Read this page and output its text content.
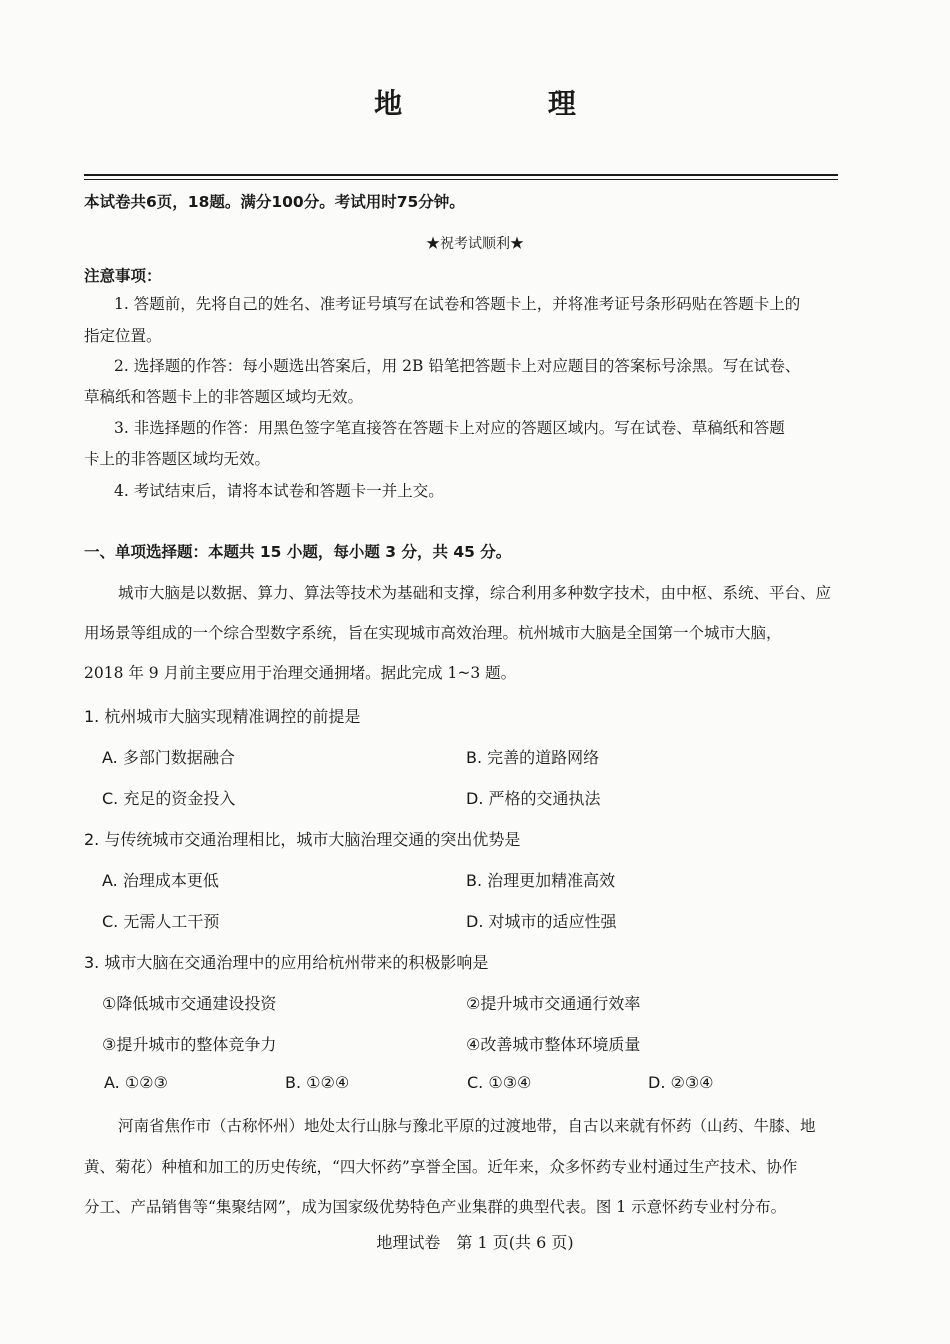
地 理
本试卷共6页，18题。满分100分。考试用时75分钟。
★祝考试顺利★
注意事项：
1. 答题前，先将自己的姓名、准考证号填写在试卷和答题卡上，并将准考证号条形码贴在答题卡上的
指定位置。
2. 选择题的作答：每小题选出答案后，用 2B 铅笔把答题卡上对应题目的答案标号涂黑。写在试卷、
草稿纸和答题卡上的非答题区域均无效。
3. 非选择题的作答：用黑色签字笔直接答在答题卡上对应的答题区域内。写在试卷、草稿纸和答题
卡上的非答题区域均无效。
4. 考试结束后，请将本试卷和答题卡一并上交。
一、单项选择题：本题共 15 小题，每小题 3 分，共 45 分。
城市大脑是以数据、算力、算法等技术为基础和支撑，综合利用多种数字技术，由中枢、系统、平台、应
用场景等组成的一个综合型数字系统，旨在实现城市高效治理。杭州城市大脑是全国第一个城市大脑，
2018 年 9 月前主要应用于治理交通拥堵。据此完成 1~3 题。
1. 杭州城市大脑实现精准调控的前提是
A. 多部门数据融合	B. 完善的道路网络
C. 充足的资金投入	D. 严格的交通执法
2. 与传统城市交通治理相比，城市大脑治理交通的突出优势是
A. 治理成本更低	B. 治理更加精准高效
C. 无需人工干预	D. 对城市的适应性强
3. 城市大脑在交通治理中的应用给杭州带来的积极影响是
①降低城市交通建设投资	②提升城市交通通行效率
③提升城市的整体竞争力	④改善城市整体环境质量
A. ①②③	B. ①②④	C. ①③④	D. ②③④
河南省焦作市（古称怀州）地处太行山脉与豫北平原的过渡地带，自古以来就有怀药（山药、牛膝、地
黄、菊花）种植和加工的历史传统，“四大怀药”享誉全国。近年来，众多怀药专业村通过生产技术、协作
分工、产品销售等“集聚结网”，成为国家级优势特色产业集群的典型代表。图 1 示意怀药专业村分布。
地理试卷　第 1 页(共 6 页)
